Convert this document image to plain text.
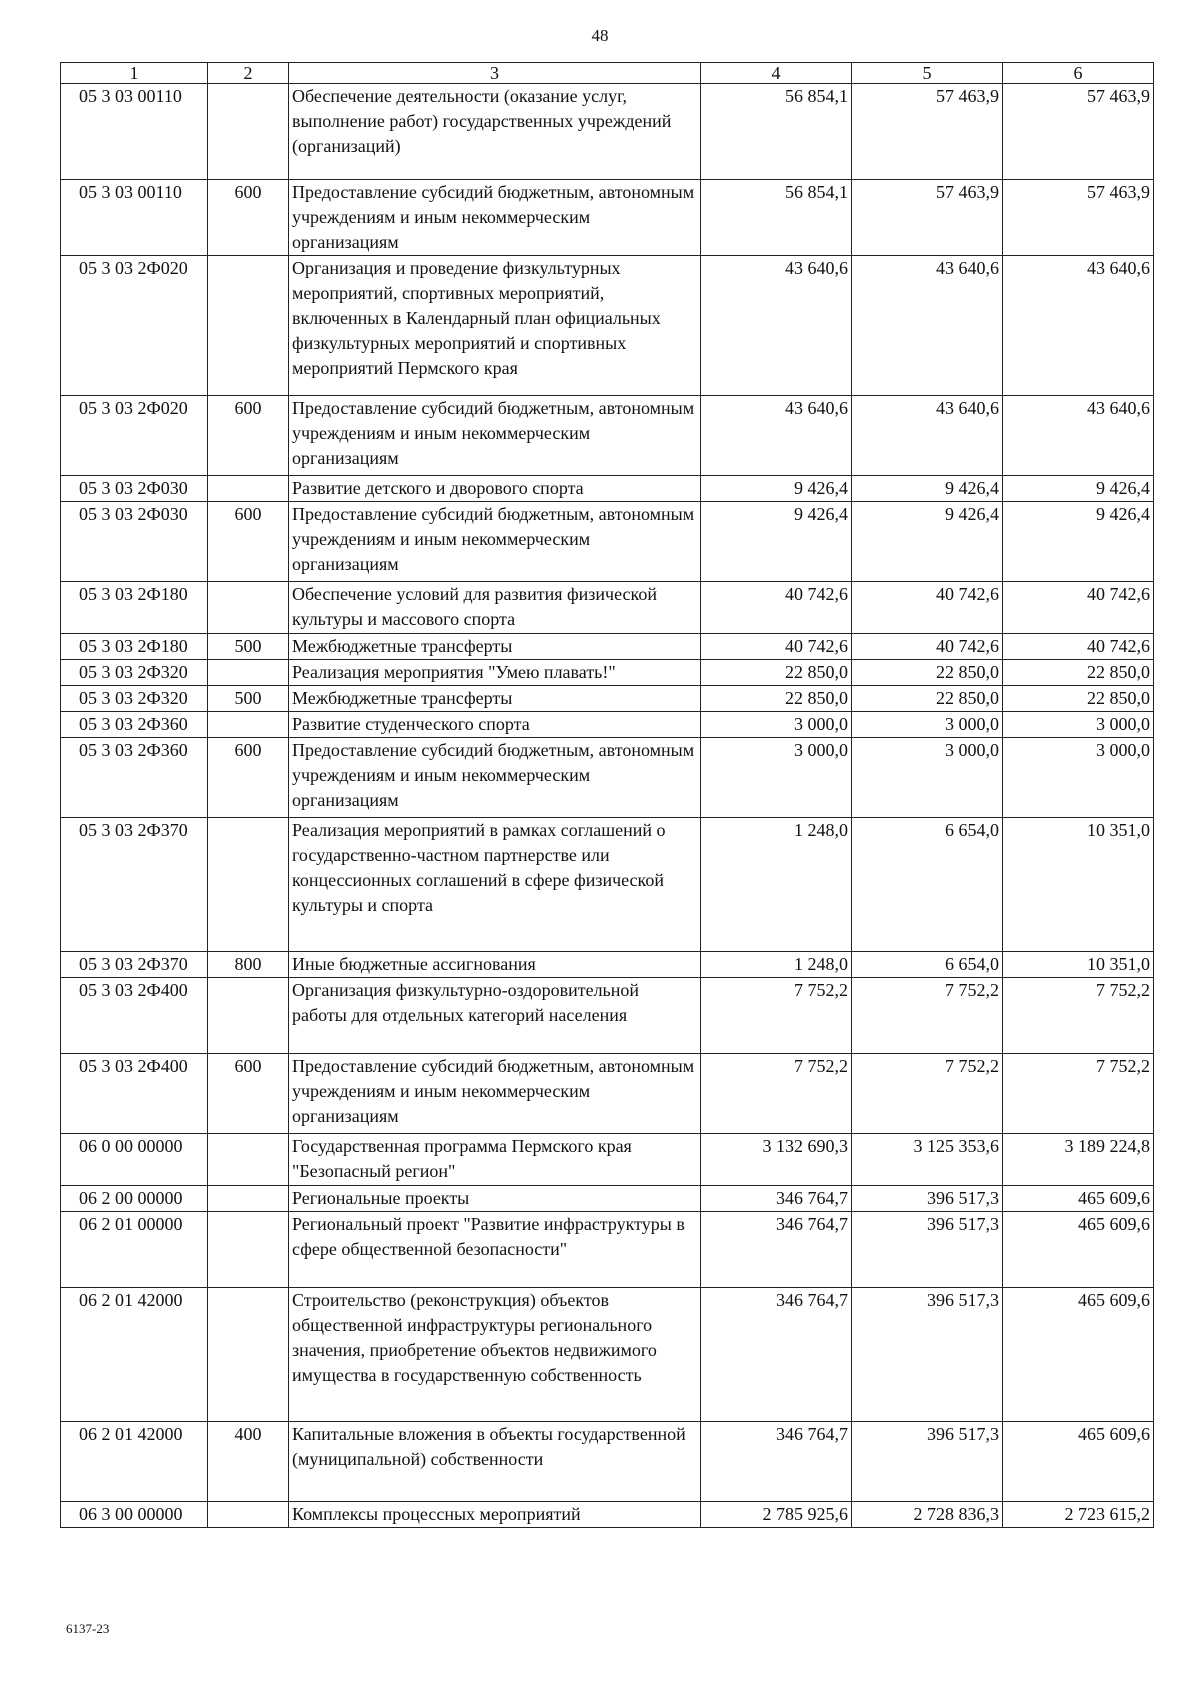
48
1	2	3	4	5	6
05 3 03 00110		Обеспечение деятельности (оказание услуг, выполнение работ) государственных учреждений (организаций)	56 854,1	57 463,9	57 463,9
05 3 03 00110	600	Предоставление субсидий бюджетным, автономным учреждениям и иным некоммерческим организациям	56 854,1	57 463,9	57 463,9
05 3 03 2Ф020		Организация и проведение физкультурных мероприятий, спортивных мероприятий, включенных в Календарный план официальных физкультурных мероприятий и спортивных мероприятий Пермского края	43 640,6	43 640,6	43 640,6
05 3 03 2Ф020	600	Предоставление субсидий бюджетным, автономным учреждениям и иным некоммерческим организациям	43 640,6	43 640,6	43 640,6
05 3 03 2Ф030		Развитие детского и дворового спорта	9 426,4	9 426,4	9 426,4
05 3 03 2Ф030	600	Предоставление субсидий бюджетным, автономным учреждениям и иным некоммерческим организациям	9 426,4	9 426,4	9 426,4
05 3 03 2Ф180		Обеспечение условий для развития физической культуры и массового спорта	40 742,6	40 742,6	40 742,6
05 3 03 2Ф180	500	Межбюджетные трансферты	40 742,6	40 742,6	40 742,6
05 3 03 2Ф320		Реализация мероприятия "Умею плавать!"	22 850,0	22 850,0	22 850,0
05 3 03 2Ф320	500	Межбюджетные трансферты	22 850,0	22 850,0	22 850,0
05 3 03 2Ф360		Развитие студенческого спорта	3 000,0	3 000,0	3 000,0
05 3 03 2Ф360	600	Предоставление субсидий бюджетным, автономным учреждениям и иным некоммерческим организациям	3 000,0	3 000,0	3 000,0
05 3 03 2Ф370		Реализация мероприятий в рамках соглашений о государственно-частном партнерстве или концессионных соглашений в сфере физической культуры и спорта	1 248,0	6 654,0	10 351,0
05 3 03 2Ф370	800	Иные бюджетные ассигнования	1 248,0	6 654,0	10 351,0
05 3 03 2Ф400		Организация физкультурно-оздоровительной работы для отдельных категорий населения	7 752,2	7 752,2	7 752,2
05 3 03 2Ф400	600	Предоставление субсидий бюджетным, автономным учреждениям и иным некоммерческим организациям	7 752,2	7 752,2	7 752,2
06 0 00 00000		Государственная программа Пермского края "Безопасный регион"	3 132 690,3	3 125 353,6	3 189 224,8
06 2 00 00000		Региональные проекты	346 764,7	396 517,3	465 609,6
06 2 01 00000		Региональный проект "Развитие инфраструктуры в сфере общественной безопасности"	346 764,7	396 517,3	465 609,6
06 2 01 42000		Строительство (реконструкция) объектов общественной инфраструктуры регионального значения, приобретение объектов недвижимого имущества в государственную собственность	346 764,7	396 517,3	465 609,6
06 2 01 42000	400	Капитальные вложения в объекты государственной (муниципальной) собственности	346 764,7	396 517,3	465 609,6
06 3 00 00000		Комплексы процессных мероприятий	2 785 925,6	2 728 836,3	2 723 615,2
6137-23
